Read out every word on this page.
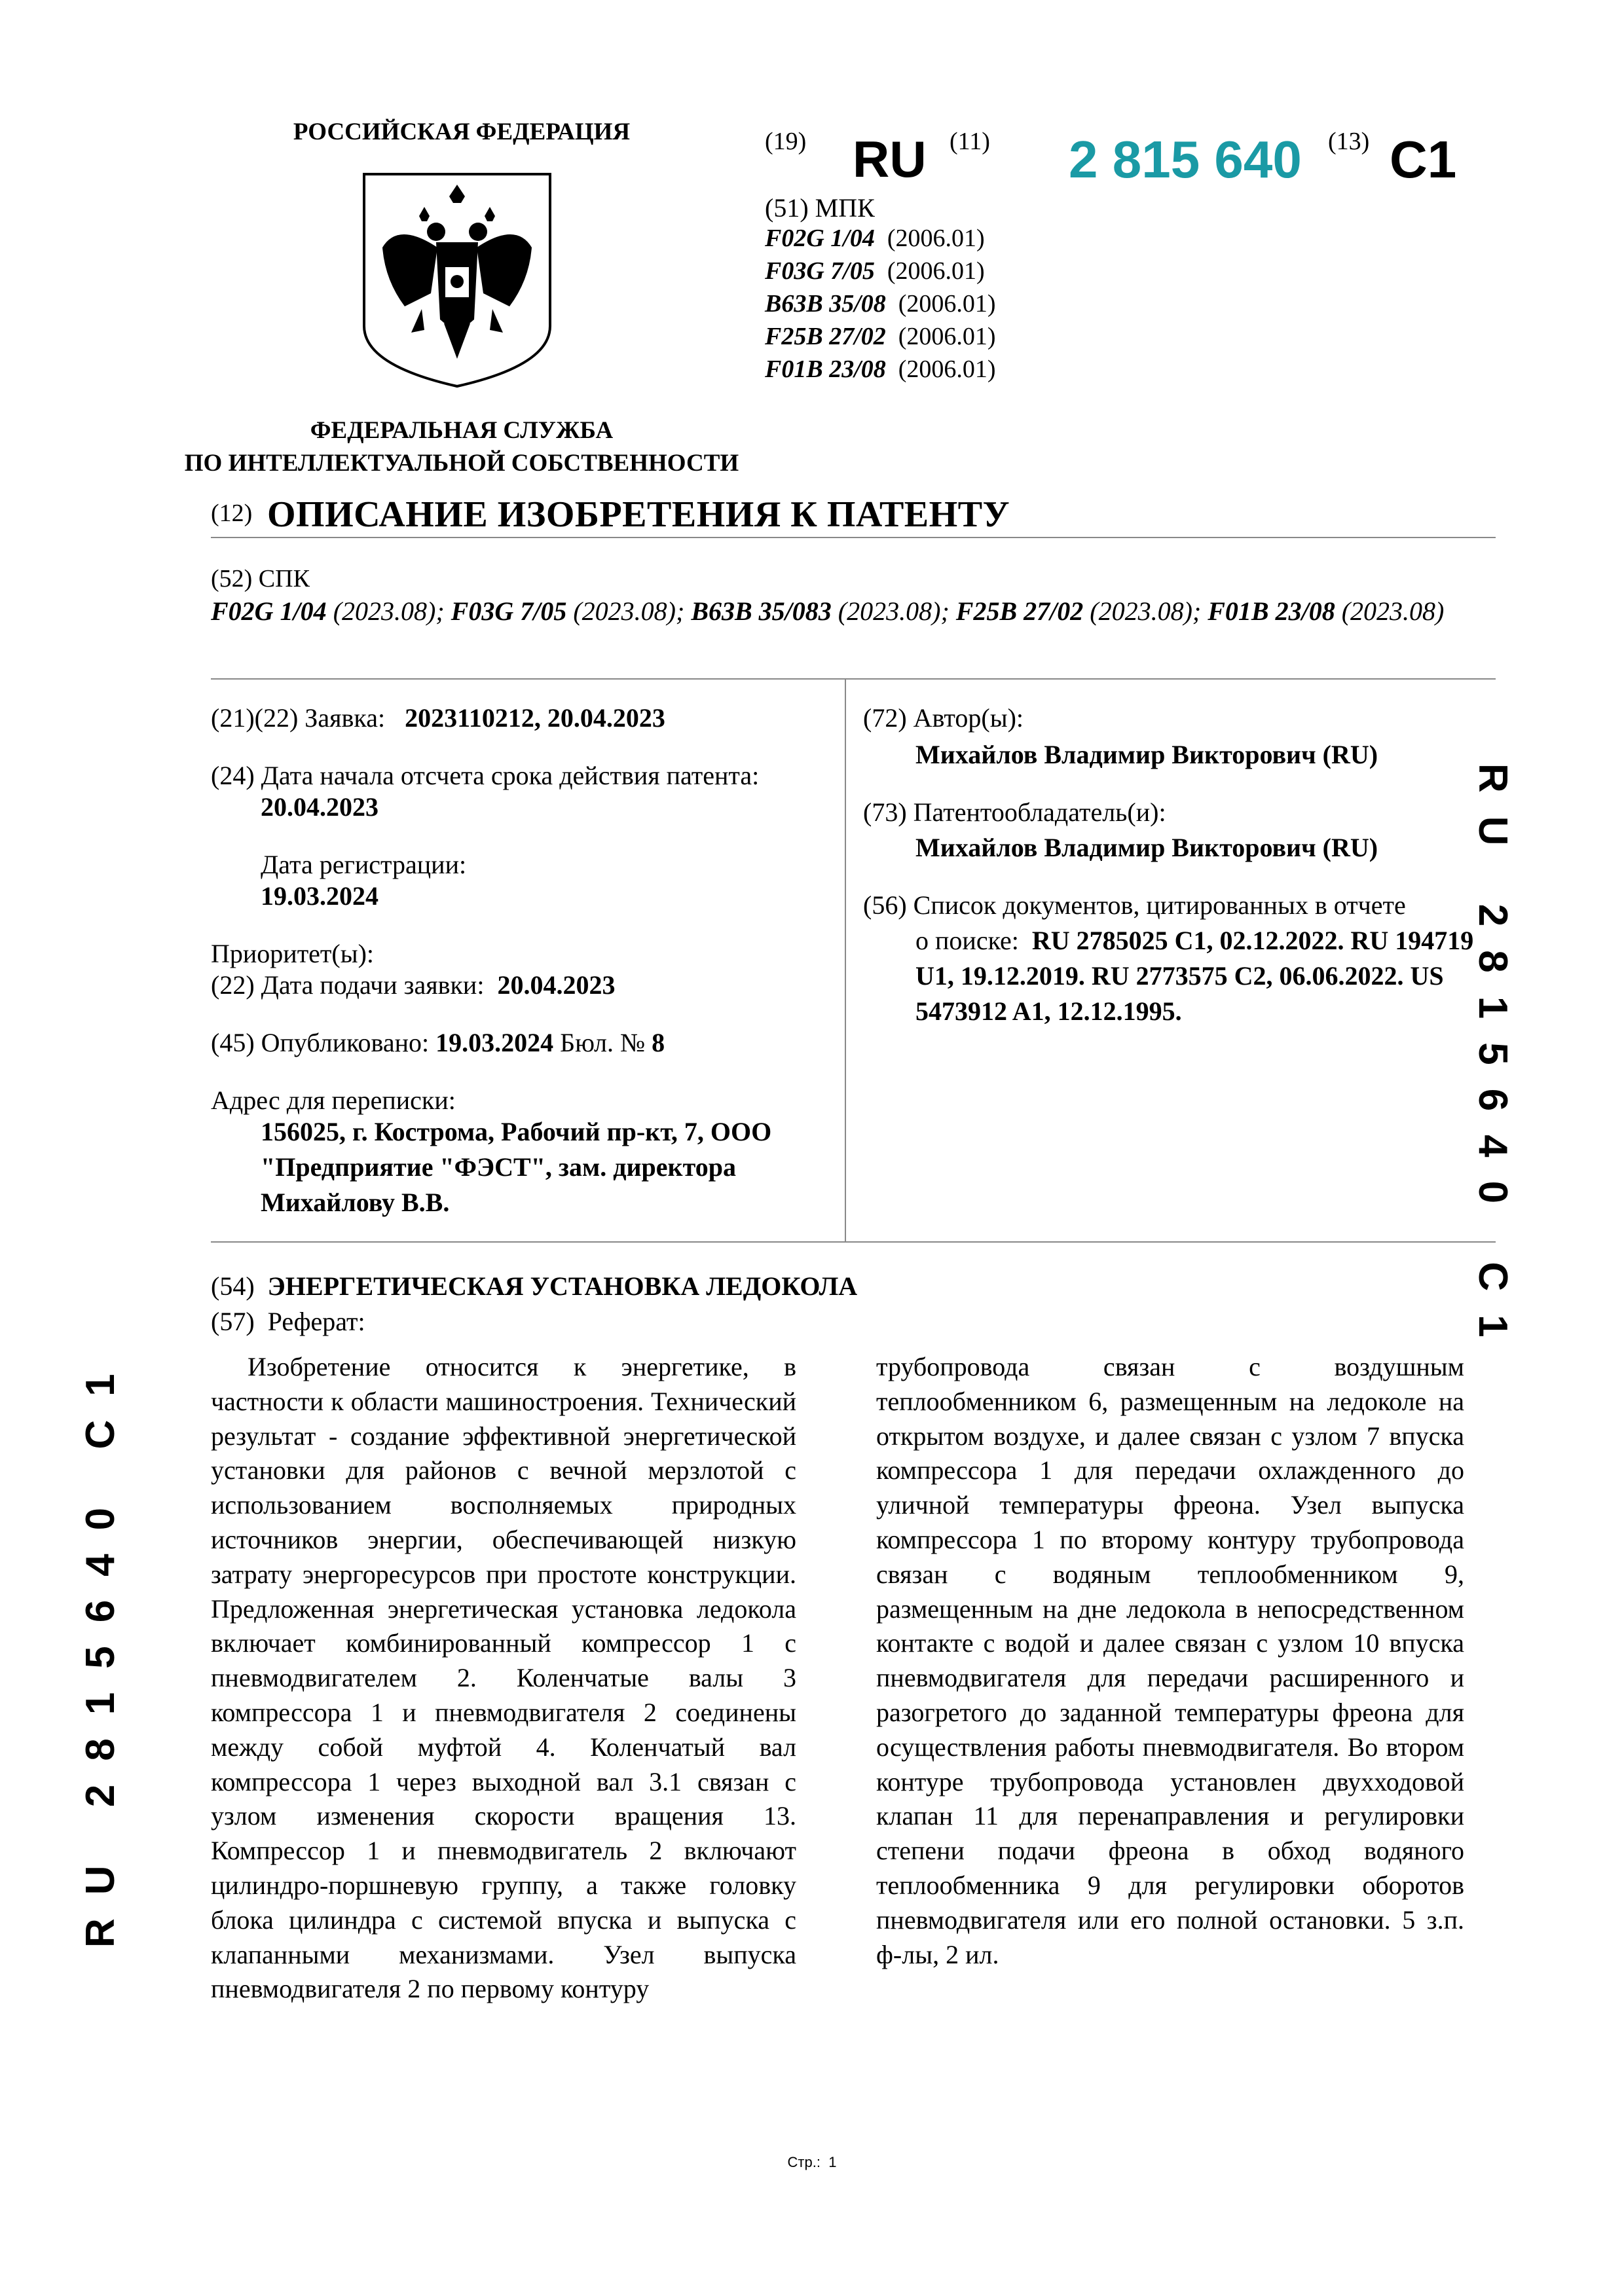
РОССИЙСКАЯ ФЕДЕРАЦИЯ
ФЕДЕРАЛЬНАЯ СЛУЖБА
ПО ИНТЕЛЛЕКТУАЛЬНОЙ СОБСТВЕННОСТИ
(19) RU (11) 2 815 640 (13) C1
(51) МПК
F02G 1/04 (2006.01)
F03G 7/05 (2006.01)
B63B 35/08 (2006.01)
F25B 27/02 (2006.01)
F01B 23/08 (2006.01)
(12) ОПИСАНИЕ ИЗОБРЕТЕНИЯ К ПАТЕНТУ
(52) СПК
F02G 1/04 (2023.08); F03G 7/05 (2023.08); B63B 35/083 (2023.08); F25B 27/02 (2023.08); F01B 23/08 (2023.08)
(21)(22) Заявка: 2023110212, 20.04.2023
(24) Дата начала отсчета срока действия патента:
20.04.2023
Дата регистрации:
19.03.2024
Приоритет(ы):
(22) Дата подачи заявки: 20.04.2023
(45) Опубликовано: 19.03.2024 Бюл. № 8
Адрес для переписки:
156025, г. Кострома, Рабочий пр-кт, 7, ООО
"Предприятие "ФЭСТ", зам. директора
Михайлову В.В.
(72) Автор(ы):
Михайлов Владимир Викторович (RU)
(73) Патентообладатель(и):
Михайлов Владимир Викторович (RU)
(56) Список документов, цитированных в отчете
о поиске: RU 2785025 C1, 02.12.2022. RU 194719
U1, 19.12.2019. RU 2773575 C2, 06.06.2022. US
5473912 A1, 12.12.1995.	RU 2815640 C1
RU 2815640 C1
(54) ЭНЕРГЕТИЧЕСКАЯ УСТАНОВКА ЛЕДОКОЛА
(57) Реферат:
Изобретение относится к энергетике, в частности к области машиностроения. Технический результат - создание эффективной энергетической установки для районов с вечной мерзлотой с использованием восполняемых природных источников энергии, обеспечивающей низкую затрату энергоресурсов при простоте конструкции. Предложенная энергетическая установка ледокола включает комбинированный компрессор 1 с пневмодвигателем 2. Коленчатые валы 3 компрессора 1 и пневмодвигателя 2 соединены между собой муфтой 4. Коленчатый вал компрессора 1 через выходной вал 3.1 связан с узлом изменения скорости вращения 13. Компрессор 1 и пневмодвигатель 2 включают цилиндро-поршневую группу, а также головку блока цилиндра с системой впуска и выпуска с клапанными механизмами. Узел выпуска пневмодвигателя 2 по первому контуру
трубопровода связан с воздушным теплообменником 6, размещенным на ледоколе на открытом воздухе, и далее связан с узлом 7 впуска компрессора 1 для передачи охлажденного до уличной температуры фреона. Узел выпуска компрессора 1 по второму контуру трубопровода связан с водяным теплообменником 9, размещенным на дне ледокола в непосредственном контакте с водой и далее связан с узлом 10 впуска пневмодвигателя для передачи расширенного и разогретого до заданной температуры фреона для осуществления работы пневмодвигателя. Во втором контуре трубопровода установлен двухходовой клапан 11 для перенаправления и регулировки степени подачи фреона в обход водяного теплообменника 9 для регулировки оборотов пневмодвигателя или его полной остановки. 5 з.п. ф-лы, 2 ил.
Стр.: 1
